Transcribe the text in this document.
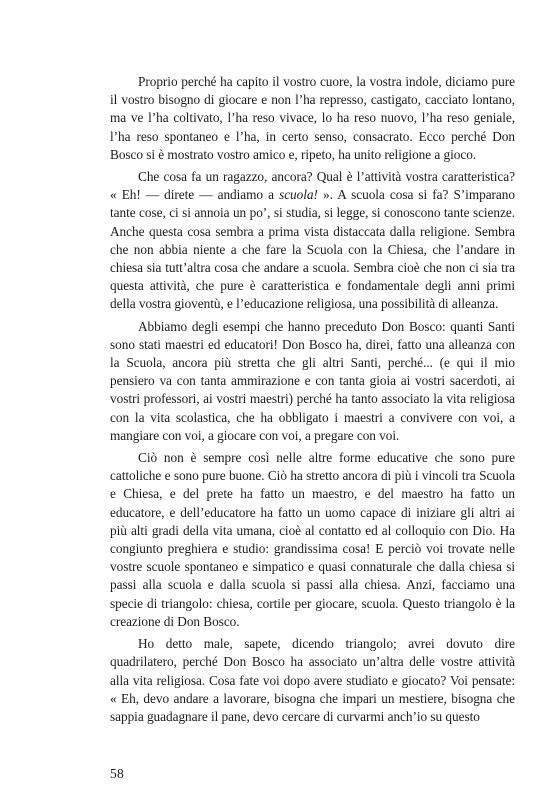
Proprio perché ha capito il vostro cuore, la vostra indole, diciamo pure il vostro bisogno di giocare e non l’ha represso, castigato, cacciato lontano, ma ve l’ha coltivato, l’ha reso vivace, lo ha reso nuovo, l’ha reso geniale, l’ha reso spontaneo e l’ha, in certo senso, consacrato. Ecco perché Don Bosco si è mostrato vostro amico e, ripeto, ha unito religione a gioco.

Che cosa fa un ragazzo, ancora? Qual è l’attività vostra caratteristica? « Eh! — direte — andiamo a scuola! ». A scuola cosa si fa? S’imparano tante cose, ci si annoia un po’, si studia, si legge, si conoscono tante scienze. Anche questa cosa sembra a prima vista distaccata dalla religione. Sembra che non abbia niente a che fare la Scuola con la Chiesa, che l’andare in chiesa sia tutt’altra cosa che andare a scuola. Sembra cioè che non ci sia tra questa attività, che pure è caratteristica e fondamentale degli anni primi della vostra gioventù, e l’educazione religiosa, una possibilità di alleanza.

Abbiamo degli esempi che hanno preceduto Don Bosco: quanti Santi sono stati maestri ed educatori! Don Bosco ha, direi, fatto una alleanza con la Scuola, ancora più stretta che gli altri Santi, perché... (e qui il mio pensiero va con tanta ammirazione e con tanta gioia ai vostri sacerdoti, ai vostri professori, ai vostri maestri) perché ha tanto associato la vita religiosa con la vita scolastica, che ha obbligato i maestri a convivere con voi, a mangiare con voi, a giocare con voi, a pregare con voi.

Ciò non è sempre così nelle altre forme educative che sono pure cattoliche e sono pure buone. Ciò ha stretto ancora di più i vincoli tra Scuola e Chiesa, e del prete ha fatto un maestro, e del maestro ha fatto un educatore, e dell’educatore ha fatto un uomo capace di iniziare gli altri ai più alti gradi della vita umana, cioè al contatto ed al colloquio con Dio. Ha congiunto preghiera e studio: grandissima cosa! E perciò voi trovate nelle vostre scuole spontaneo e simpatico e quasi connaturale che dalla chiesa si passi alla scuola e dalla scuola si passi alla chiesa. Anzi, facciamo una specie di triangolo: chiesa, cortile per giocare, scuola. Questo triangolo è la creazione di Don Bosco.

Ho detto male, sapete, dicendo triangolo; avrei dovuto dire quadrilatero, perché Don Bosco ha associato un’altra delle vostre attività alla vita religiosa. Cosa fate voi dopo avere studiato e giocato? Voi pensate: « Eh, devo andare a lavorare, bisogna che impari un mestiere, bisogna che sappia guadagnare il pane, devo cercare di curvarmi anch’io su questo

58
